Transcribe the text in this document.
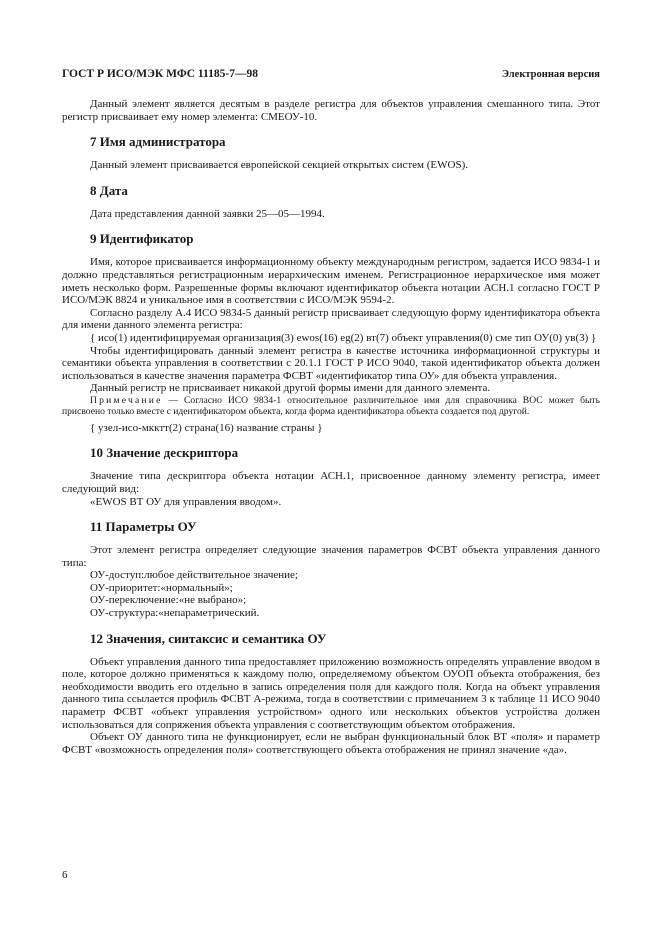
ГОСТ Р ИСО/МЭК МФС 11185-7—98	Электронная версия

Данный элемент является десятым в разделе регистра для объектов управления смешанного типа. Этот регистр присваивает ему номер элемента: СМЕОУ-10.

7 Имя администратора

Данный элемент присваивается европейской секцией открытых систем (EWOS).

8 Дата

Дата представления данной заявки 25—05—1994.

9 Идентификатор

Имя, которое присваивается информационному объекту международным регистром, задается ИСО 9834-1 и должно представляться регистрационным иерархическим именем. Регистрационное иерархическое имя может иметь несколько форм. Разрешенные формы включают идентификатор объекта нотации АСН.1 согласно ГОСТ Р ИСО/МЭК 8824 и уникальное имя в соответствии с ИСО/МЭК 9594-2.

Согласно разделу А.4 ИСО 9834-5 данный регистр присваивает следующую форму идентификатора объекта для имени данного элемента регистра:

{ исо(1) идентифицируемая организация(3) ewos(16) eg(2) вт(7) объект управления(0) сме тип ОУ(0) ув(3) }

Чтобы идентифицировать данный элемент регистра в качестве источника информационной структуры и семантики объекта управления в соответствии с 20.1.1 ГОСТ Р ИСО 9040, такой идентификатор объекта должен использоваться в качестве значения параметра ФСВТ «идентификатор типа ОУ» для объекта управления.

Данный регистр не присваивает никакой другой формы имени для данного элемента.

Примечание — Согласно ИСО 9834-1 относительное различительное имя для справочника ВОС может быть присвоено только вместе с идентификатором объекта, когда форма идентификатора объекта создается под другой.

{ узел-исо-мкктт(2) страна(16) название страны }

10 Значение дескриптора

Значение типа дескриптора объекта нотации АСН.1, присвоенное данному элементу регистра, имеет следующий вид:

«EWOS ВТ ОУ для управления вводом».

11 Параметры ОУ

Этот элемент регистра определяет следующие значения параметров ФСВТ объекта управления данного типа:

ОУ-доступ:любое действительное значение;

ОУ-приоритет:«нормальный»;

ОУ-переключение:«не выбрано»;

ОУ-структура:«непараметрический.

12 Значения, синтаксис и семантика ОУ

Объект управления данного типа предоставляет приложению возможность определять управление вводом в поле, которое должно применяться к каждому полю, определяемому объектом ОУОП объекта отображения, без необходимости вводить его отдельно в запись определения поля для каждого поля. Когда на объект управления данного типа ссылается профиль ФСВТ А-режима, тогда в соответствии с примечанием 3 к таблице 11 ИСО 9040 параметр ФСВТ «объект управления устройством» одного или нескольких объектов устройства должен использоваться для сопряжения объекта управления с соответствующим объектом отображения.

Объект ОУ данного типа не функционирует, если не выбран функциональный блок ВТ «поля» и параметр ФСВТ «возможность определения поля» соответствующего объекта отображения не принял значение «да».

6
